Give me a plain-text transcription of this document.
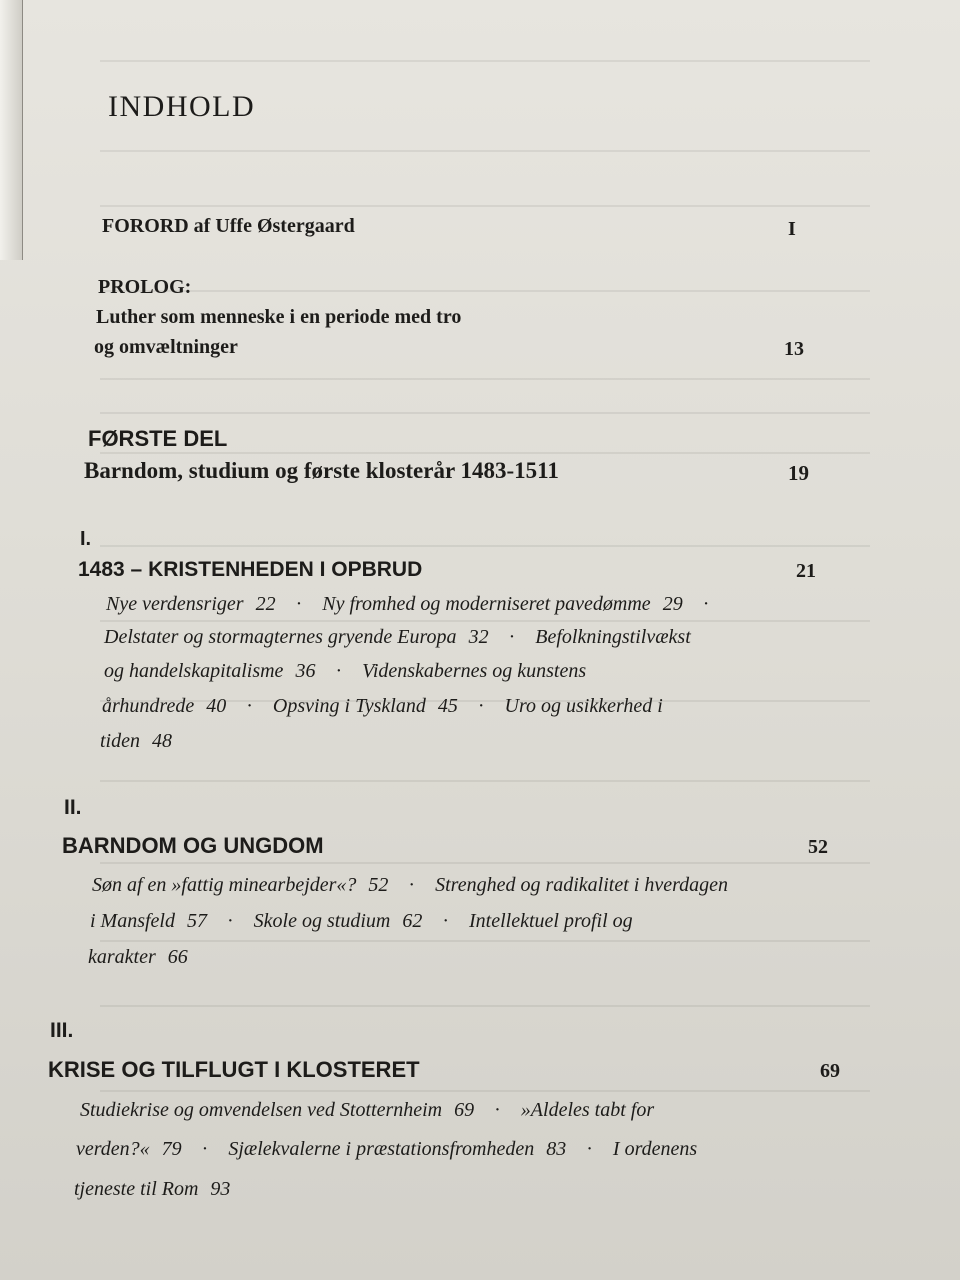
INDHOLD
FORORD af Uffe Østergaard	I
PROLOG:
Luther som menneske i en periode med tro
og omvæltninger	13
FØRSTE DEL
Barndom, studium og første klosterår 1483-1511	19
I.
1483 – KRISTENHEDEN I OPBRUD	21
Nye verdensriger 22 · Ny fromhed og moderniseret pavedømme 29 ·
Delstater og stormagternes gryende Europa 32 · Befolkningstilvækst
og handelskapitalisme 36 · Videnskabernes og kunstens
århundrede 40 · Opsving i Tyskland 45 · Uro og usikkerhed i
tiden 48
II.
BARNDOM OG UNGDOM	52
Søn af en »fattig minearbejder«? 52 · Strenghed og radikalitet i hverdagen
i Mansfeld 57 · Skole og studium 62 · Intellektuel profil og
karakter 66
III.
KRISE OG TILFLUGT I KLOSTERET	69
Studiekrise og omvendelsen ved Stotternheim 69 · »Aldeles tabt for
verden?« 79 · Sjælekvalerne i præstationsfromheden 83 · I ordenens
tjeneste til Rom 93
